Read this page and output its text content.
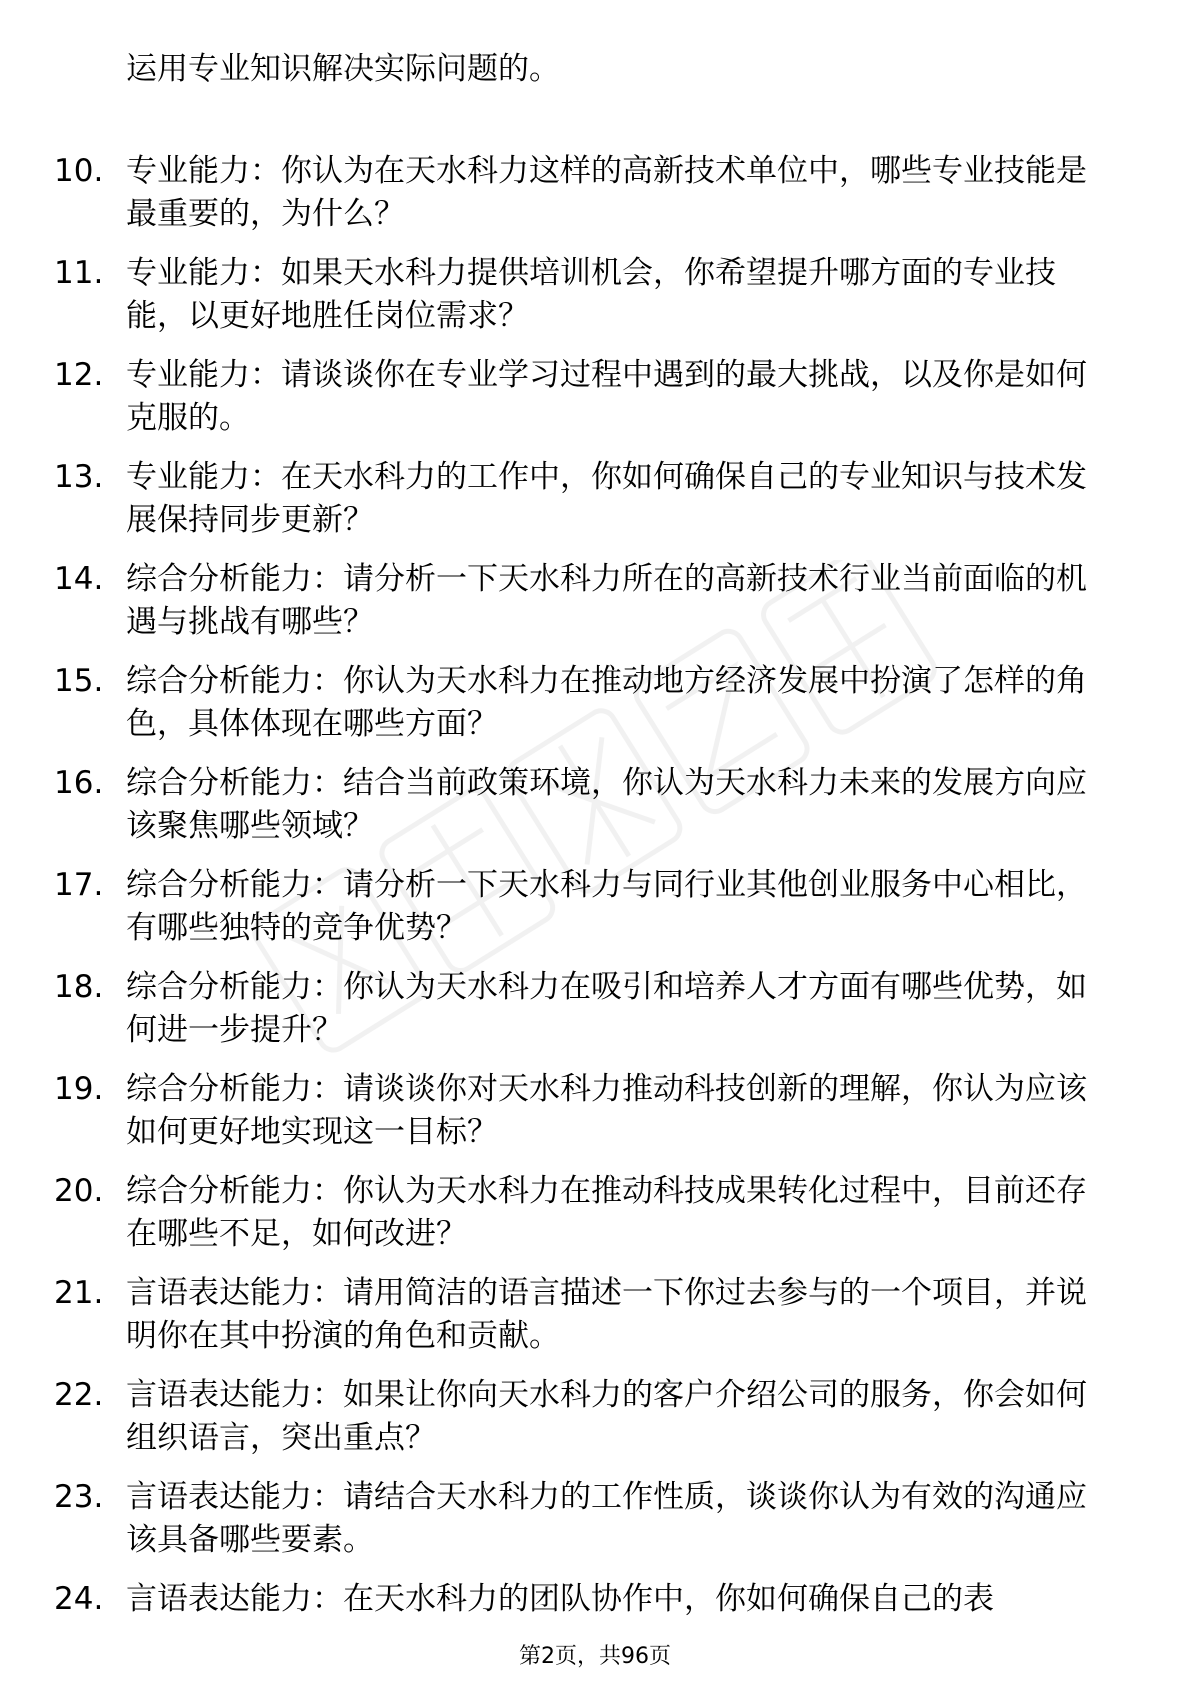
运用专业知识解决实际问题的。
10. 专业能力：你认为在天水科力这样的高新技术单位中，哪些专业技能是最重要的，为什么？
11. 专业能力：如果天水科力提供培训机会，你希望提升哪方面的专业技能，以更好地胜任岗位需求？
12. 专业能力：请谈谈你在专业学习过程中遇到的最大挑战，以及你是如何克服的。
13. 专业能力：在天水科力的工作中，你如何确保自己的专业知识与技术发展保持同步更新？
14. 综合分析能力：请分析一下天水科力所在的高新技术行业当前面临的机遇与挑战有哪些？
15. 综合分析能力：你认为天水科力在推动地方经济发展中扮演了怎样的角色，具体体现在哪些方面？
16. 综合分析能力：结合当前政策环境，你认为天水科力未来的发展方向应该聚焦哪些领域？
17. 综合分析能力：请分析一下天水科力与同行业其他创业服务中心相比，有哪些独特的竞争优势？
18. 综合分析能力：你认为天水科力在吸引和培养人才方面有哪些优势，如何进一步提升？
19. 综合分析能力：请谈谈你对天水科力推动科技创新的理解，你认为应该如何更好地实现这一目标？
20. 综合分析能力：你认为天水科力在推动科技成果转化过程中，目前还存在哪些不足，如何改进？
21. 言语表达能力：请用简洁的语言描述一下你过去参与的一个项目，并说明你在其中扮演的角色和贡献。
22. 言语表达能力：如果让你向天水科力的客户介绍公司的服务，你会如何组织语言，突出重点？
23. 言语表达能力：请结合天水科力的工作性质，谈谈你认为有效的沟通应该具备哪些要素。
24. 言语表达能力：在天水科力的团队协作中，你如何确保自己的表
第2页，共96页
